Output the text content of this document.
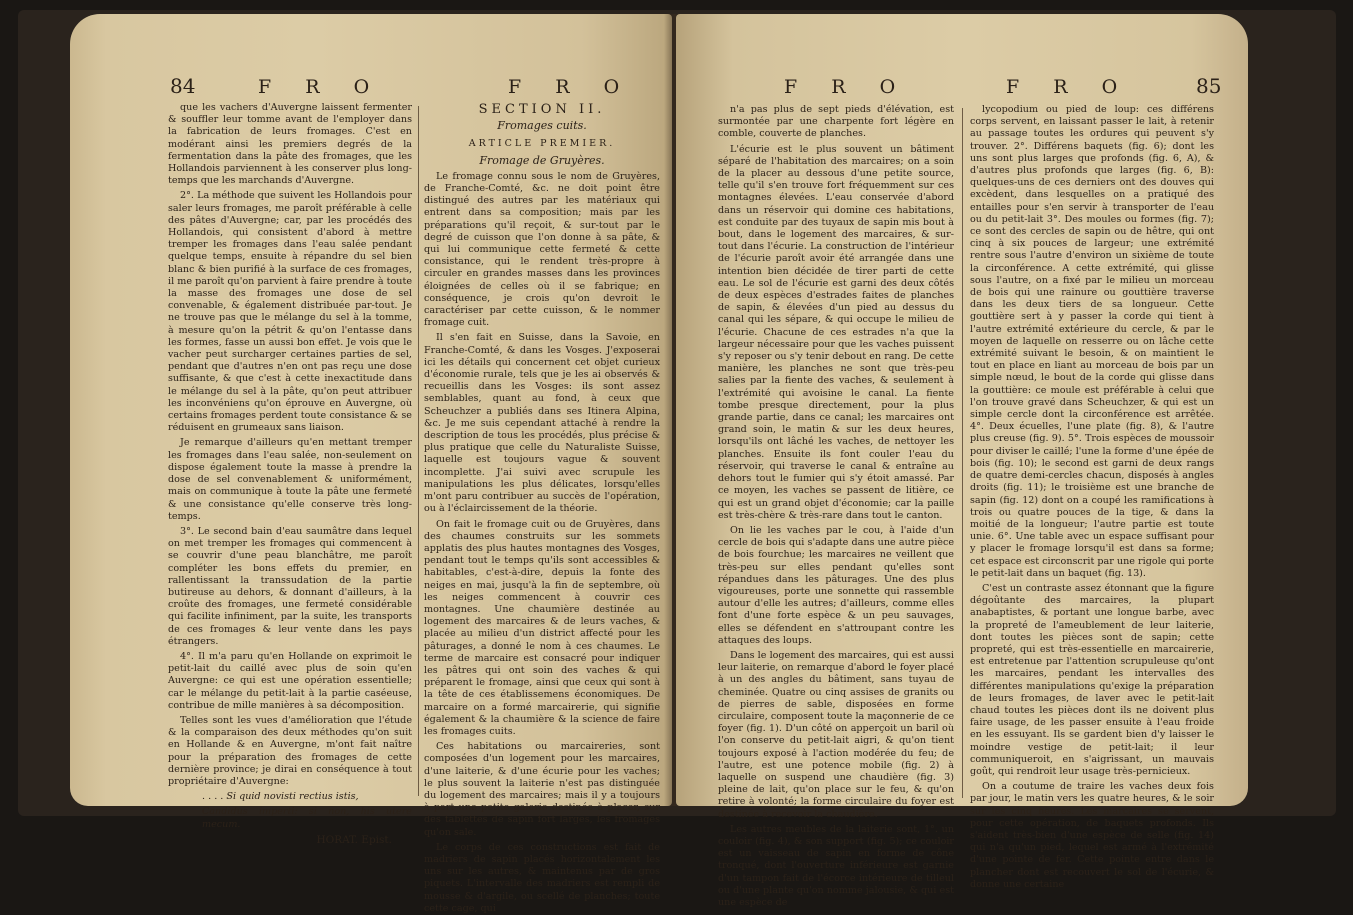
84	F R O	F R O

que les vachers d'Auvergne laissent fermenter & souffler leur tomme avant de l'employer dans la fabrication de leurs fromages. C'est en modérant ainsi les premiers degrés de la fermentation dans la pâte des fromages, que les Hollandois parviennent à les conserver plus long-temps que les marchands d'Auvergne.

2°. La méthode que suivent les Hollandois pour saler leurs fromages, me paroît préférable à celle des pâtes d'Auvergne; car, par les procédés des Hollandois, qui consistent d'abord à mettre tremper les fromages dans l'eau salée pendant quelque temps, ensuite à répandre du sel bien blanc & bien purifié à la surface de ces fromages, il me paroît qu'on parvient à faire prendre à toute la masse des fromages une dose de sel convenable, & également distribuée par-tout. Je ne trouve pas que le mélange du sel à la tomme, à mesure qu'on la pétrit & qu'on l'entasse dans les formes, fasse un aussi bon effet. Je vois que le vacher peut surcharger certaines parties de sel, pendant que d'autres n'en ont pas reçu une dose suffisante, & que c'est à cette inexactitude dans le mélange du sel à la pâte, qu'on peut attribuer les inconvéniens qu'on éprouve en Auvergne, où certains fromages perdent toute consistance & se réduisent en grumeaux sans liaison.

Je remarque d'ailleurs qu'en mettant tremper les fromages dans l'eau salée, non-seulement on dispose également toute la masse à prendre la dose de sel convenablement & uniformément, mais on communique à toute la pâte une fermeté & une consistance qu'elle conserve très long-temps.

3°. Le second bain d'eau saumâtre dans lequel on met tremper les fromages qui commencent à se couvrir d'une peau blanchâtre, me paroît compléter les bons effets du premier, en rallentissant la transsudation de la partie butireuse au dehors, & donnant d'ailleurs, à la croûte des fromages, une fermeté considérable qui facilite infiniment, par la suite, les transports de ces fromages & leur vente dans les pays étrangers.

4°. Il m'a paru qu'en Hollande on exprimoit le petit-lait du caillé avec plus de soin qu'en Auvergne: ce qui est une opération essentielle; car le mélange du petit-lait à la partie caséeuse, contribue de mille manières à sa décomposition.

Telles sont les vues d'amélioration que l'étude & la comparaison des deux méthodes qu'on suit en Hollande & en Auvergne, m'ont fait naître pour la préparation des fromages de cette dernière province; je dirai en conséquence à tout propriétaire d'Auvergne:

. . . . Si quid novisti rectius istis,

Candidus imperti: si non, his utere mecum.

HORAT. Epist.

SECTION II.
Fromages cuits.
ARTICLE PREMIER.
Fromage de Gruyères.

Le fromage connu sous le nom de Gruyères, de Franche-Comté, &c. ne doit point être distingué des autres par les matériaux qui entrent dans sa composition; mais par les préparations qu'il reçoit, & sur-tout par le degré de cuisson que l'on donne à sa pâte, & qui lui communique cette fermeté & cette consistance, qui le rendent très-propre à circuler en grandes masses dans les provinces éloignées de celles où il se fabrique; en conséquence, je crois qu'on devroit le caractériser par cette cuisson, & le nommer fromage cuit.

Il s'en fait en Suisse, dans la Savoie, en Franche-Comté, & dans les Vosges. J'exposerai ici les détails qui concernent cet objet curieux d'économie rurale, tels que je les ai observés & recueillis dans les Vosges: ils sont assez semblables, quant au fond, à ceux que Scheuchzer a publiés dans ses Itinera Alpina, &c. Je me suis cependant attaché à rendre la description de tous les procédés, plus précise & plus pratique que celle du Naturaliste Suisse, laquelle est toujours vague & souvent incomplette. J'ai suivi avec scrupule les manipulations les plus délicates, lorsqu'elles m'ont paru contribuer au succès de l'opération, ou à l'éclaircissement de la théorie.

On fait le fromage cuit ou de Gruyères, dans des chaumes construits sur les sommets applatis des plus hautes montagnes des Vosges, pendant tout le temps qu'ils sont accessibles & habitables, c'est-à-dire, depuis la fonte des neiges en mai, jusqu'à la fin de septembre, où les neiges commencent à couvrir ces montagnes. Une chaumière destinée au logement des marcaires & de leurs vaches, & placée au milieu d'un district affecté pour les pâturages, a donné le nom à ces chaumes. Le terme de marcaire est consacré pour indiquer les pâtres qui ont soin des vaches & qui préparent le fromage, ainsi que ceux qui sont à la tête de ces établissemens économiques. De marcaire on a formé marcairerie, qui signifie également & la chaumière & la science de faire les fromages cuits.

Ces habitations ou marcaireries, sont composées d'un logement pour les marcaires, d'une laiterie, & d'une écurie pour les vaches; le plus souvent la laiterie n'est pas distinguée du logement des marcaires; mais il y a toujours à part une petite galerie destinée à placer, sur des tablettes de sapin fort larges, les fromages qu'on sale.

Le corps de ces constructions est fait de madriers de sapin placés horizontalement les uns sur les autres, & maintenus par de gros piquets. L'intervalle des madriers est rempli de mousse & d'argile, ou scellé de planches; toute cette cage, qui

F R O	F R O	85

n'a pas plus de sept pieds d'élévation, est surmontée par une charpente fort légère en comble, couverte de planches.

L'écurie est le plus souvent un bâtiment séparé de l'habitation des marcaires; on a soin de la placer au dessous d'une petite source, telle qu'il s'en trouve fort fréquemment sur ces montagnes élevées. L'eau conservée d'abord dans un réservoir qui domine ces habitations, est conduite par des tuyaux de sapin mis bout à bout, dans le logement des marcaires, & sur-tout dans l'écurie. La construction de l'intérieur de l'écurie paroît avoir été arrangée dans une intention bien décidée de tirer parti de cette eau. Le sol de l'écurie est garni des deux côtés de deux espèces d'estrades faites de planches de sapin, & élevées d'un pied au dessus du canal qui les sépare, & qui occupe le milieu de l'écurie. Chacune de ces estrades n'a que la largeur nécessaire pour que les vaches puissent s'y reposer ou s'y tenir debout en rang. De cette manière, les planches ne sont que très-peu salies par la fiente des vaches, & seulement à l'extrémité qui avoisine le canal. La fiente tombe presque directement, pour la plus grande partie, dans ce canal; les marcaires ont grand soin, le matin & sur les deux heures, lorsqu'ils ont lâché les vaches, de nettoyer les planches. Ensuite ils font couler l'eau du réservoir, qui traverse le canal & entraîne au dehors tout le fumier qui s'y étoit amassé. Par ce moyen, les vaches se passent de litière, ce qui est un grand objet d'économie; car la paille est très-chère & très-rare dans tout le canton.

On lie les vaches par le cou, à l'aide d'un cercle de bois qui s'adapte dans une autre pièce de bois fourchue; les marcaires ne veillent que très-peu sur elles pendant qu'elles sont répandues dans les pâturages. Une des plus vigoureuses, porte une sonnette qui rassemble autour d'elle les autres; d'ailleurs, comme elles font d'une forte espèce & un peu sauvages, elles se défendent en s'attroupant contre les attaques des loups.

Dans le logement des marcaires, qui est aussi leur laiterie, on remarque d'abord le foyer placé à un des angles du bâtiment, sans tuyau de cheminée. Quatre ou cinq assises de granits ou de pierres de sable, disposées en forme circulaire, composent toute la maçonnerie de ce foyer (fig. 1). D'un côté on apperçoit un baril où l'on conserve du petit-lait aigri, & qu'on tient toujours exposé à l'action modérée du feu; de l'autre, est une potence mobile (fig. 2) à laquelle on suspend une chaudière (fig. 3) pleine de lait, qu'on place sur le feu, & qu'on retire à volonté; la forme circulaire du foyer est destinée à recevoir la chaudière.

Les autres meubles de la laiterie sont, 1°. un couloir (fig. 4), & son support (fig. 5); ce couloir est un vaisseau de sapin en forme de cône tronqué, dont l'ouverture inférieure est garnie d'un tampon fait de l'écorce intérieure de tilleul ou d'une plante qu'on nomme jalousie, & qui est une espèce de

lycopodium ou pied de loup: ces différens corps servent, en laissant passer le lait, à retenir au passage toutes les ordures qui peuvent s'y trouver. 2°. Différens baquets (fig. 6); dont les uns sont plus larges que profonds (fig. 6, A), & d'autres plus profonds que larges (fig. 6, B): quelques-uns de ces derniers ont des douves qui excèdent, dans lesquelles on a pratiqué des entailles pour s'en servir à transporter de l'eau ou du petit-lait 3°. Des moules ou formes (fig. 7); ce sont des cercles de sapin ou de hêtre, qui ont cinq à six pouces de largeur; une extrémité rentre sous l'autre d'environ un sixième de toute la circonférence. A cette extrémité, qui glisse sous l'autre, on a fixé par le milieu un morceau de bois qui une rainure ou gouttière traverse dans les deux tiers de sa longueur. Cette gouttière sert à y passer la corde qui tient à l'autre extrémité extérieure du cercle, & par le moyen de laquelle on resserre ou on lâche cette extrémité suivant le besoin, & on maintient le tout en place en liant au morceau de bois par un simple nœud, le bout de la corde qui glisse dans la gouttière: ce moule est préférable à celui que l'on trouve gravé dans Scheuchzer, & qui est un simple cercle dont la circonférence est arrêtée. 4°. Deux écuelles, l'une plate (fig. 8), & l'autre plus creuse (fig. 9). 5°. Trois espèces de moussoir pour diviser le caillé; l'une la forme d'une épée de bois (fig. 10); le second est garni de deux rangs de quatre demi-cercles chacun, disposés à angles droits (fig. 11); le troisième est une branche de sapin (fig. 12) dont on a coupé les ramifications à trois ou quatre pouces de la tige, & dans la moitié de la longueur; l'autre partie est toute unie. 6°. Une table avec un espace suffisant pour y placer le fromage lorsqu'il est dans sa forme; cet espace est circonscrit par une rigole qui porte le petit-lait dans un baquet (fig. 13).

C'est un contraste assez étonnant que la figure dégoûtante des marcaires, la plupart anabaptistes, & portant une longue barbe, avec la propreté de l'ameublement de leur laiterie, dont toutes les pièces sont de sapin; cette propreté, qui est très-essentielle en marcairerie, est entretenue par l'attention scrupuleuse qu'ont les marcaires, pendant les intervalles des différentes manipulations qu'exige la préparation de leurs fromages, de laver avec le petit-lait chaud toutes les pièces dont ils ne doivent plus faire usage, de les passer ensuite à l'eau froide en les essuyant. Ils se gardent bien d'y laisser le moindre vestige de petit-lait; il leur communiqueroit, en s'aigrissant, un mauvais goût, qui rendroit leur usage très-pernicieux.

On a coutume de traire les vaches deux fois par jour, le matin vers les quatre heures, & le soir sur les cinq heures. Les marcaires se servent, pour cette opération, de baquets profonds. Ils s'aident très-bien d'une espèce de selle (fig. 14) qui n'a qu'un pied, lequel est armé à l'extrémité d'une pointe de fer. Cette pointe entre dans le plancher dont est recouvert le sol de l'écurie, & donne une certaine
